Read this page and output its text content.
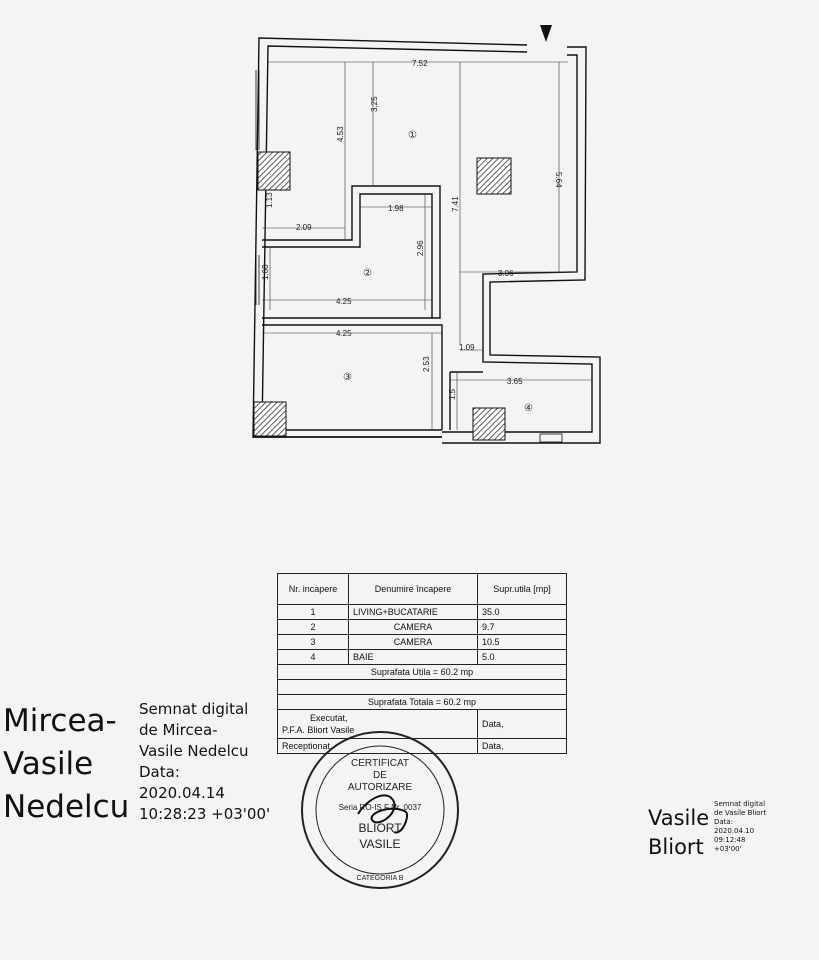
7.52
3.25
4.53
5.64
1.13
2.09
1.98	7.41
2.96
3.06
1.68
4.25
4.25
2.53
1.09
1.5
3.65
①
②
③
④
Nr. incapere	Denumire încapere	Supr.utila [mp]
1	LIVING+BUCATARIE	35.0
2	CAMERA	9.7
3	CAMERA	10.5
4	BAIE	5.0
Suprafata Utila = 60.2 mp		

Suprafata Totala = 60.2 mp		

Executat,
P.F.A. Bliort Vasile		Data,
Receptionat,		Data,
CERTIFICAT
DE
AUTORIZARE
Seria RO-IS F Nr. 0037
BLIORT
VASILE
CATEGORIA B
Mircea-
Vasile
Nedelcu
Semnat digital
de Mircea-
Vasile Nedelcu
Data:
2020.04.14
10:28:23 +03'00'	Vasile
Bliort
Semnat digital
de Vasile Bliort
Data:
2020.04.10
09:12:48
+03'00'
